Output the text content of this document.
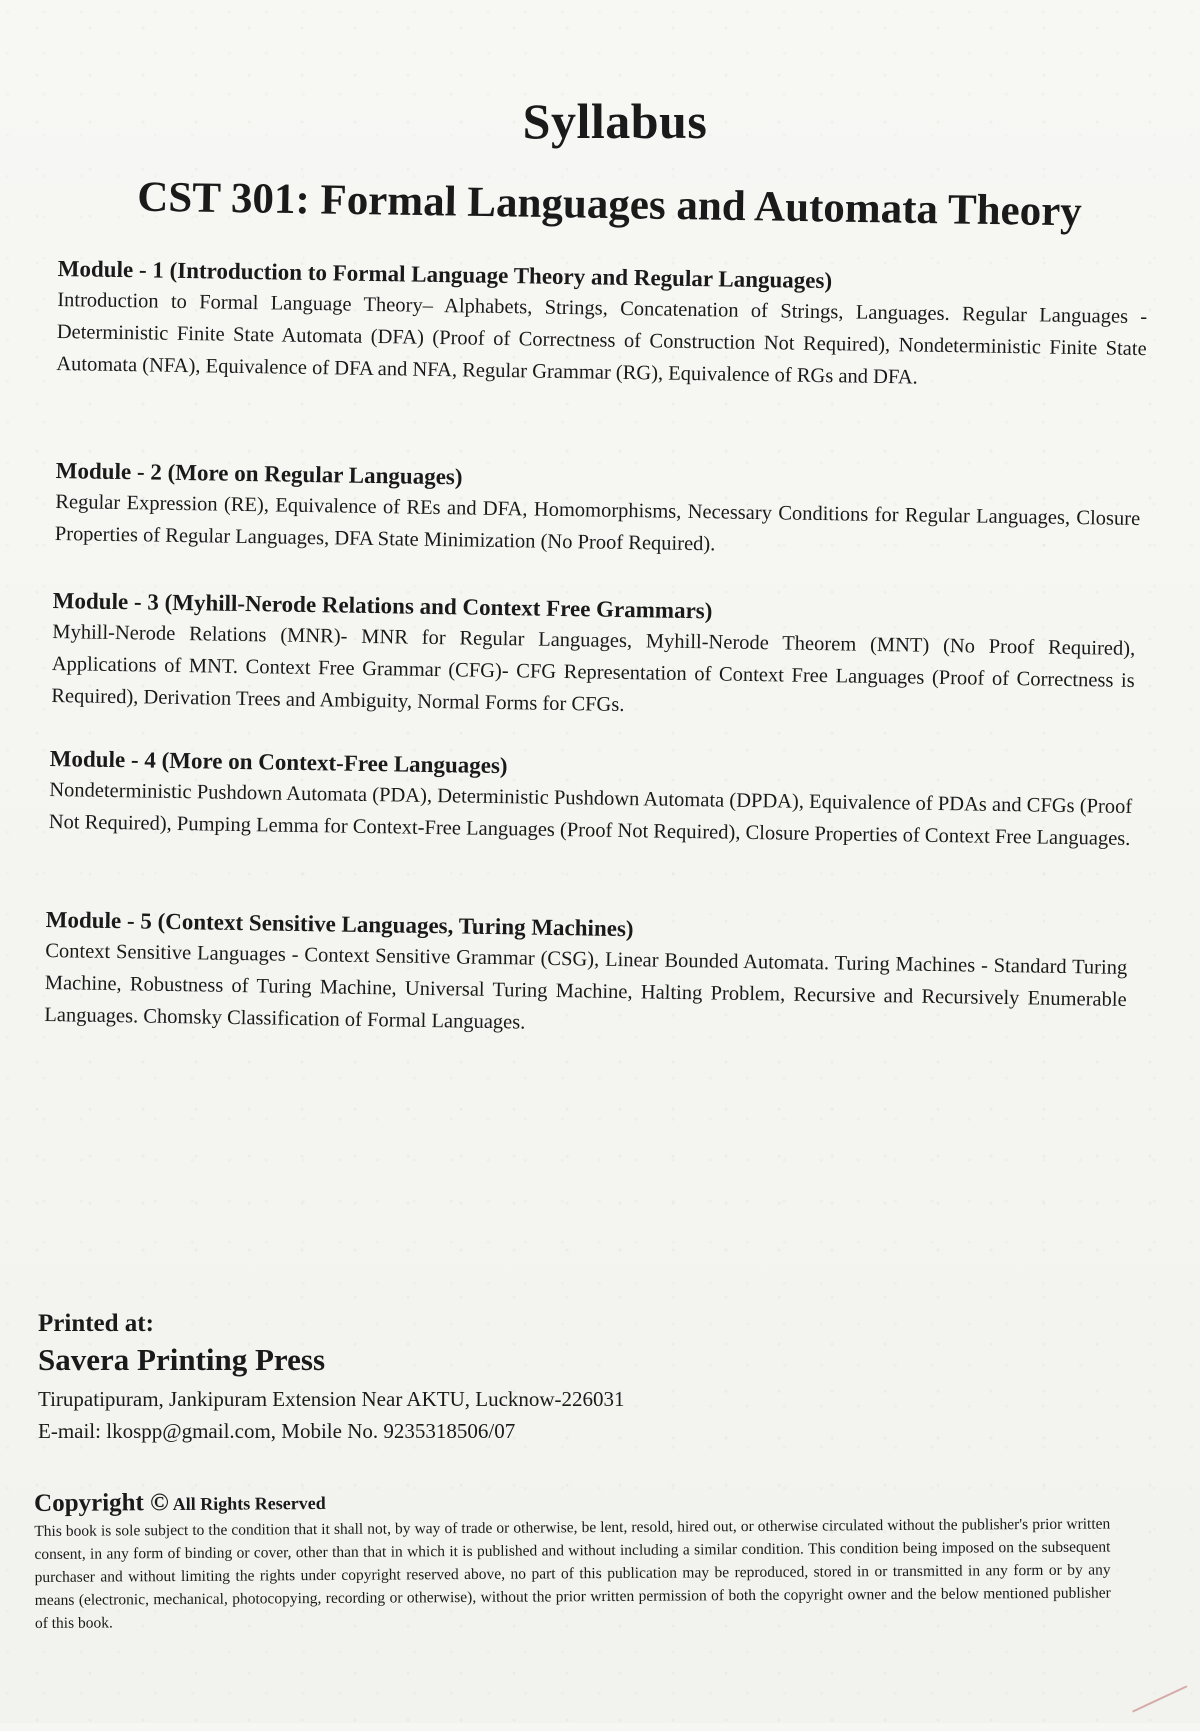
Syllabus
CST 301: Formal Languages and Automata Theory
Module - 1 (Introduction to Formal Language Theory and Regular Languages)

Introduction to Formal Language Theory– Alphabets, Strings, Concatenation of Strings, Languages. Regular Languages - Deterministic Finite State Automata (DFA) (Proof of Correctness of Construction Not Required), Nondeterministic Finite State Automata (NFA), Equivalence of DFA and NFA, Regular Grammar (RG), Equivalence of RGs and DFA.

Module - 2 (More on Regular Languages)

Regular Expression (RE), Equivalence of REs and DFA, Homomorphisms, Necessary Conditions for Regular Languages, Closure Properties of Regular Languages, DFA State Minimization (No Proof Required).

Module - 3 (Myhill-Nerode Relations and Context Free Grammars)

Myhill-Nerode Relations (MNR)- MNR for Regular Languages, Myhill-Nerode Theorem (MNT) (No Proof Required), Applications of MNT. Context Free Grammar (CFG)- CFG Representation of Context Free Languages (Proof of Correctness is Required), Derivation Trees and Ambiguity, Normal Forms for CFGs.

Module - 4 (More on Context-Free Languages)

Nondeterministic Pushdown Automata (PDA), Deterministic Pushdown Automata (DPDA), Equivalence of PDAs and CFGs (Proof Not Required), Pumping Lemma for Context-Free Languages (Proof Not Required), Closure Properties of Context Free Languages.

Module - 5 (Context Sensitive Languages, Turing Machines)

Context Sensitive Languages - Context Sensitive Grammar (CSG), Linear Bounded Automata. Turing Machines - Standard Turing Machine, Robustness of Turing Machine, Universal Turing Machine, Halting Problem, Recursive and Recursively Enumerable Languages. Chomsky Classification of Formal Languages.

Printed at:

Savera Printing Press

Tirupatipuram, Jankipuram Extension Near AKTU, Lucknow-226031

E-mail: lkospp@gmail.com, Mobile No. 9235318506/07

Copyright © All Rights Reserved

This book is sole subject to the condition that it shall not, by way of trade or otherwise, be lent, resold, hired out, or otherwise circulated without the publisher's prior written consent, in any form of binding or cover, other than that in which it is published and without including a similar condition. This condition being imposed on the subsequent purchaser and without limiting the rights under copyright reserved above, no part of this publication may be reproduced, stored in or transmitted in any form or by any means (electronic, mechanical, photocopying, recording or otherwise), without the prior written permission of both the copyright owner and the below mentioned publisher of this book.
